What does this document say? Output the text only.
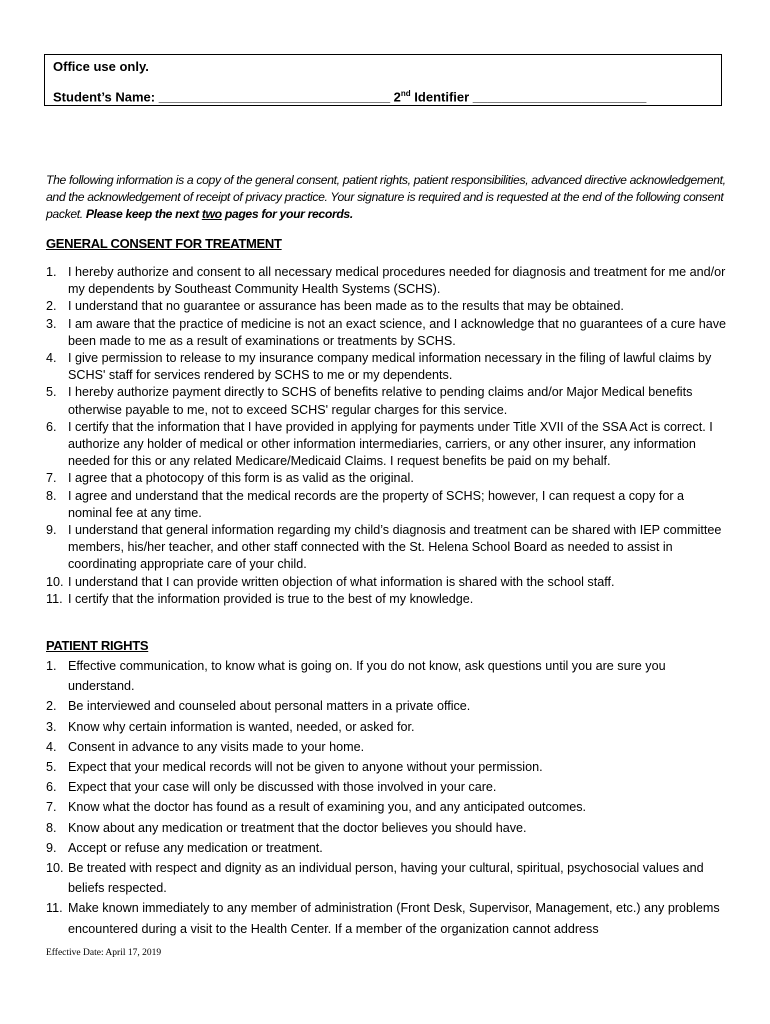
Office use only.
Student’s Name: ________________________________ 2nd Identifier ________________________
The following information is a copy of the general consent, patient rights, patient responsibilities, advanced directive acknowledgement, and the acknowledgement of receipt of privacy practice. Your signature is required and is requested at the end of the following consent packet. Please keep the next two pages for your records.
GENERAL CONSENT FOR TREATMENT
1. I hereby authorize and consent to all necessary medical procedures needed for diagnosis and treatment for me and/or my dependents by Southeast Community Health Systems (SCHS).
2. I understand that no guarantee or assurance has been made as to the results that may be obtained.
3. I am aware that the practice of medicine is not an exact science, and I acknowledge that no guarantees of a cure have been made to me as a result of examinations or treatments by SCHS.
4. I give permission to release to my insurance company medical information necessary in the filing of lawful claims by SCHS' staff for services rendered by SCHS to me or my dependents.
5. I hereby authorize payment directly to SCHS of benefits relative to pending claims and/or Major Medical benefits otherwise payable to me, not to exceed SCHS' regular charges for this service.
6. I certify that the information that I have provided in applying for payments under Title XVII of the SSA Act is correct. I authorize any holder of medical or other information intermediaries, carriers, or any other insurer, any information needed for this or any related Medicare/Medicaid Claims. I request benefits be paid on my behalf.
7. I agree that a photocopy of this form is as valid as the original.
8. I agree and understand that the medical records are the property of SCHS; however, I can request a copy for a nominal fee at any time.
9. I understand that general information regarding my child’s diagnosis and treatment can be shared with IEP committee members, his/her teacher, and other staff connected with the St. Helena School Board as needed to assist in coordinating appropriate care of your child.
10. I understand that I can provide written objection of what information is shared with the school staff.
11. I certify that the information provided is true to the best of my knowledge.
PATIENT RIGHTS
1. Effective communication, to know what is going on. If you do not know, ask questions until you are sure you understand.
2. Be interviewed and counseled about personal matters in a private office.
3. Know why certain information is wanted, needed, or asked for.
4. Consent in advance to any visits made to your home.
5. Expect that your medical records will not be given to anyone without your permission.
6. Expect that your case will only be discussed with those involved in your care.
7. Know what the doctor has found as a result of examining you, and any anticipated outcomes.
8. Know about any medication or treatment that the doctor believes you should have.
9. Accept or refuse any medication or treatment.
10. Be treated with respect and dignity as an individual person, having your cultural, spiritual, psychosocial values and beliefs respected.
11. Make known immediately to any member of administration (Front Desk, Supervisor, Management, etc.) any problems encountered during a visit to the Health Center. If a member of the organization cannot address
Effective Date: April 17, 2019
